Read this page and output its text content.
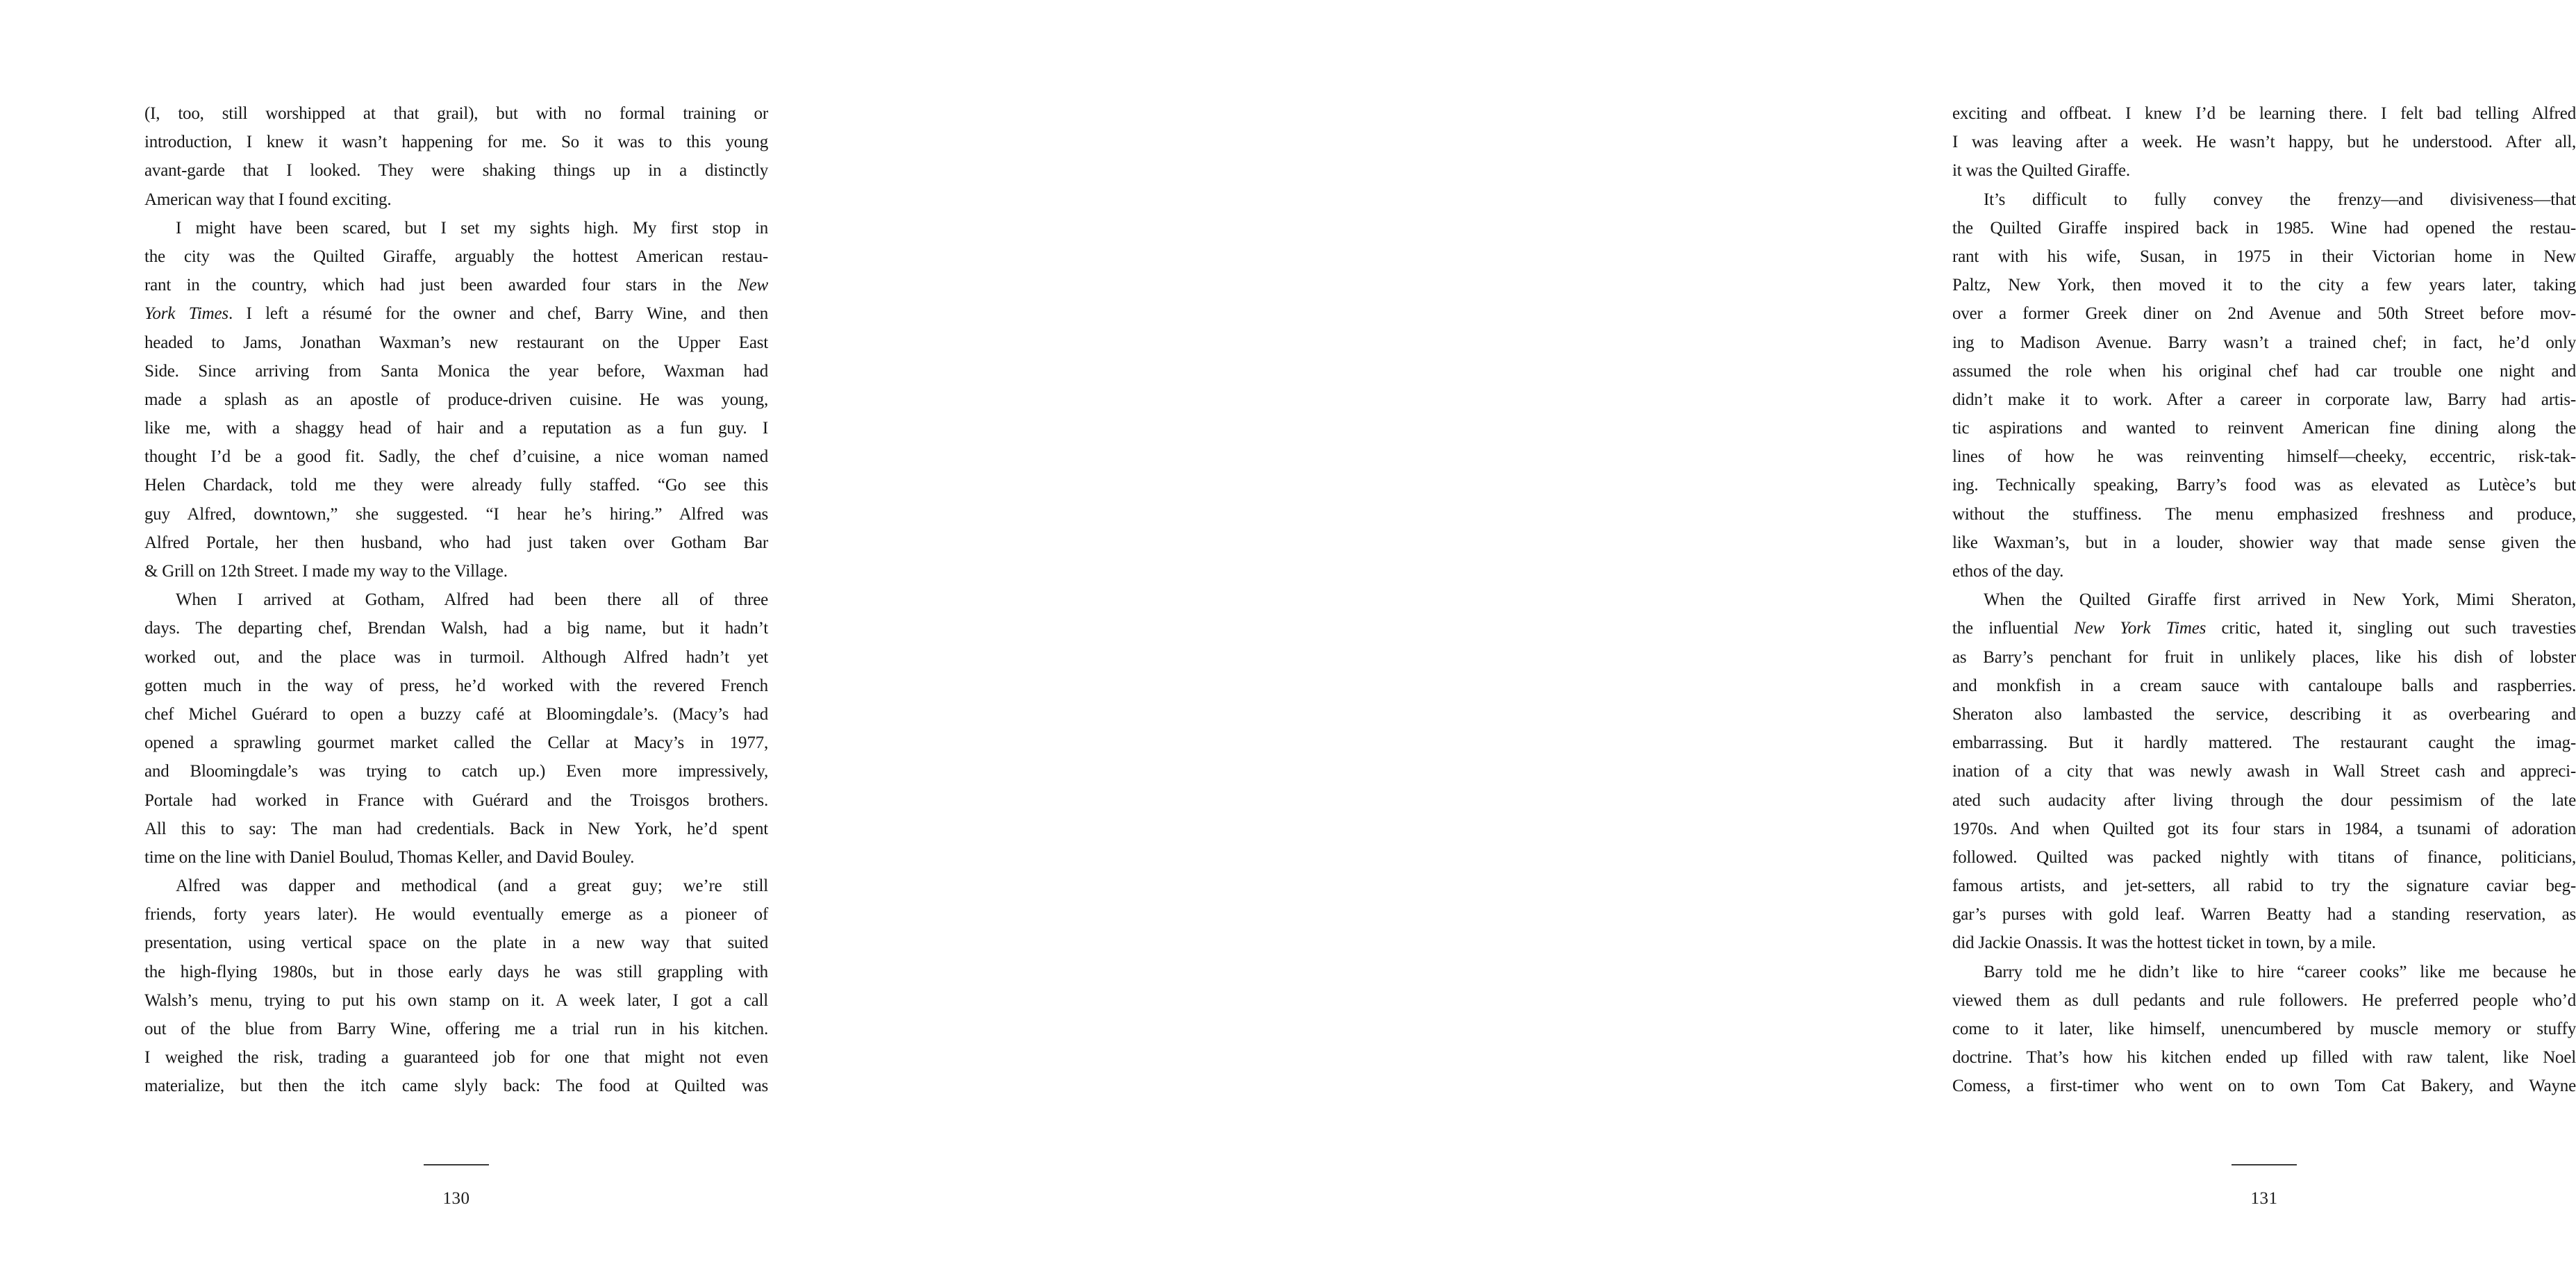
(I, too, still worshipped at that grail), but with no formal training or
introduction, I knew it wasn’t happening for me. So it was to this young
avant-garde that I looked. They were shaking things up in a distinctly
American way that I found exciting.
I might have been scared, but I set my sights high. My first stop in
the city was the Quilted Giraffe, arguably the hottest American restau-
rant in the country, which had just been awarded four stars in the New
York Times. I left a résumé for the owner and chef, Barry Wine, and then
headed to Jams, Jonathan Waxman’s new restaurant on the Upper East
Side. Since arriving from Santa Monica the year before, Waxman had
made a splash as an apostle of produce-driven cuisine. He was young,
like me, with a shaggy head of hair and a reputation as a fun guy. I
thought I’d be a good fit. Sadly, the chef d’cuisine, a nice woman named
Helen Chardack, told me they were already fully staffed. “Go see this
guy Alfred, downtown,” she suggested. “I hear he’s hiring.” Alfred was
Alfred Portale, her then husband, who had just taken over Gotham Bar
& Grill on 12th Street. I made my way to the Village.
When I arrived at Gotham, Alfred had been there all of three
days. The departing chef, Brendan Walsh, had a big name, but it hadn’t
worked out, and the place was in turmoil. Although Alfred hadn’t yet
gotten much in the way of press, he’d worked with the revered French
chef Michel Guérard to open a buzzy café at Bloomingdale’s. (Macy’s had
opened a sprawling gourmet market called the Cellar at Macy’s in 1977,
and Bloomingdale’s was trying to catch up.) Even more impressively,
Portale had worked in France with Guérard and the Troisgos brothers.
All this to say: The man had credentials. Back in New York, he’d spent
time on the line with Daniel Boulud, Thomas Keller, and David Bouley.
Alfred was dapper and methodical (and a great guy; we’re still
friends, forty years later). He would eventually emerge as a pioneer of
presentation, using vertical space on the plate in a new way that suited
the high-flying 1980s, but in those early days he was still grappling with
Walsh’s menu, trying to put his own stamp on it. A week later, I got a call
out of the blue from Barry Wine, offering me a trial run in his kitchen.
I weighed the risk, trading a guaranteed job for one that might not even
materialize, but then the itch came slyly back: The food at Quilted was
130
exciting and offbeat. I knew I’d be learning there. I felt bad telling Alfred
I was leaving after a week. He wasn’t happy, but he understood. After all,
it was the Quilted Giraffe.
It’s difficult to fully convey the frenzy—and divisiveness—that
the Quilted Giraffe inspired back in 1985. Wine had opened the restau-
rant with his wife, Susan, in 1975 in their Victorian home in New
Paltz, New York, then moved it to the city a few years later, taking
over a former Greek diner on 2nd Avenue and 50th Street before mov-
ing to Madison Avenue. Barry wasn’t a trained chef; in fact, he’d only
assumed the role when his original chef had car trouble one night and
didn’t make it to work. After a career in corporate law, Barry had artis-
tic aspirations and wanted to reinvent American fine dining along the
lines of how he was reinventing himself—cheeky, eccentric, risk-tak-
ing. Technically speaking, Barry’s food was as elevated as Lutèce’s but
without the stuffiness. The menu emphasized freshness and produce,
like Waxman’s, but in a louder, showier way that made sense given the
ethos of the day.
When the Quilted Giraffe first arrived in New York, Mimi Sheraton,
the influential New York Times critic, hated it, singling out such travesties
as Barry’s penchant for fruit in unlikely places, like his dish of lobster
and monkfish in a cream sauce with cantaloupe balls and raspberries.
Sheraton also lambasted the service, describing it as overbearing and
embarrassing. But it hardly mattered. The restaurant caught the imag-
ination of a city that was newly awash in Wall Street cash and appreci-
ated such audacity after living through the dour pessimism of the late
1970s. And when Quilted got its four stars in 1984, a tsunami of adoration
followed. Quilted was packed nightly with titans of finance, politicians,
famous artists, and jet-setters, all rabid to try the signature caviar beg-
gar’s purses with gold leaf. Warren Beatty had a standing reservation, as
did Jackie Onassis. It was the hottest ticket in town, by a mile.
Barry told me he didn’t like to hire “career cooks” like me because he
viewed them as dull pedants and rule followers. He preferred people who’d
come to it later, like himself, unencumbered by muscle memory or stuffy
doctrine. That’s how his kitchen ended up filled with raw talent, like Noel
Comess, a first-timer who went on to own Tom Cat Bakery, and Wayne
131
